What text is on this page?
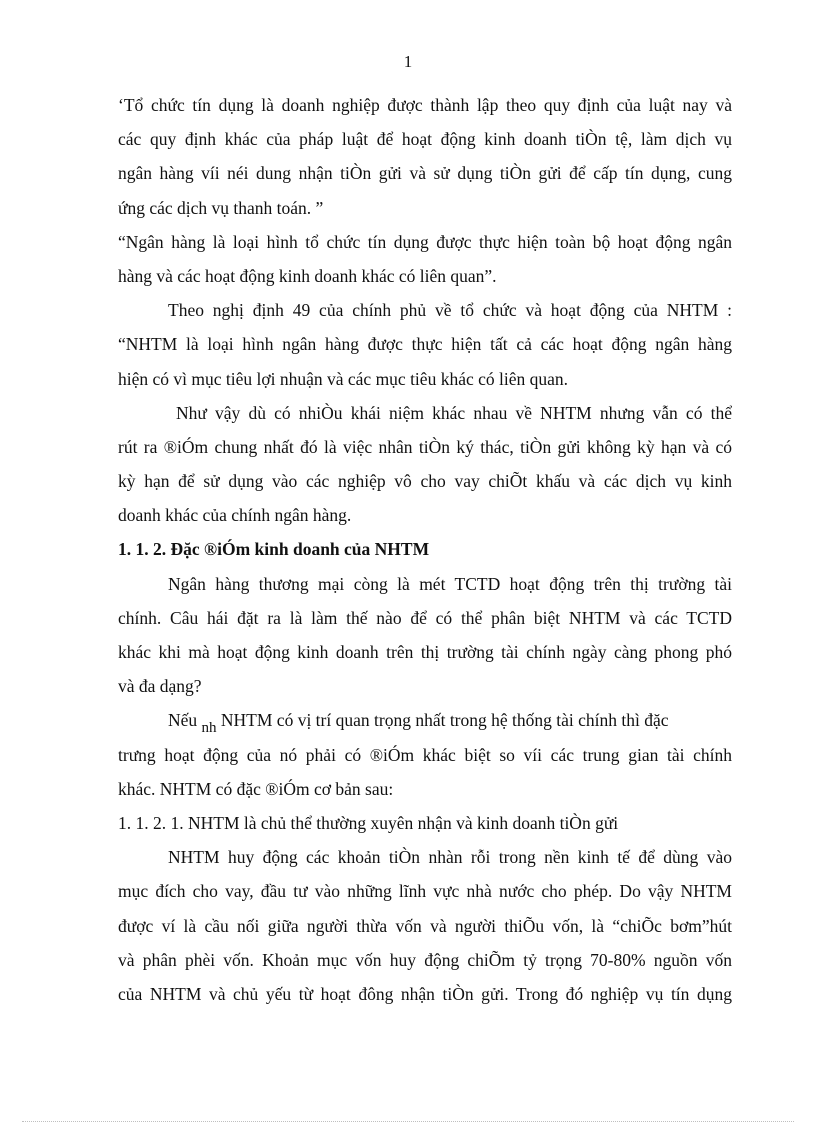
1
‘Tổ chức tín dụng là doanh nghiệp được thành lập theo quy định của luật nay và
các quy định khác của pháp luật để hoạt động kinh doanh tiÒn tệ, làm dịch vụ
ngân hàng víi néi dung nhận tiÒn gửi và sử dụng tiÒn gửi để cấp tín dụng, cung
ứng các dịch vụ thanh toán. ”
“Ngân hàng là loại hình tổ chức tín dụng được thực hiện toàn bộ hoạt động ngân
hàng và các hoạt động kinh doanh khác có liên quan”.
Theo nghị định 49 của chính phủ về tổ chức và hoạt động của NHTM :
“NHTM là loại hình ngân hàng được thực hiện tất cả các hoạt động ngân hàng
hiện có vì mục tiêu lợi nhuận và các mục tiêu khác có liên quan.
Như vậy dù có nhiÒu khái niệm khác nhau về NHTM nhưng vẫn có thể
rút ra ®iÓm chung nhất đó là việc nhân tiÒn ký thác, tiÒn gửi không kỳ hạn và có
kỳ hạn để sử dụng vào các nghiệp vô cho vay chiÕt khấu và các dịch vụ kinh
doanh khác của chính ngân hàng.
1. 1. 2. Đặc ®iÓm kinh doanh của NHTM
Ngân hàng thương mại còng là mét TCTD hoạt động trên thị trường tài
chính. Câu hái đặt ra là làm thế nào để có thể phân biệt NHTM và các TCTD
khác khi mà hoạt động kinh doanh trên thị trường tài chính ngày càng phong phó
và đa dạng?
Nếu nh NHTM có vị trí quan trọng nhất trong hệ thống tài chính thì đặc
trưng hoạt động của nó phải có ®iÓm khác biệt so víi các trung gian tài chính
khác. NHTM có đặc ®iÓm cơ bản sau:
1. 1. 2. 1. NHTM là chủ thể thường xuyên nhận và kinh doanh tiÒn gửi
NHTM huy động các khoản tiÒn nhàn rỗi trong nền kinh tế để dùng vào
mục đích cho vay, đầu tư vào những lĩnh vực nhà nước cho phép. Do vậy NHTM
được ví là cầu nối giữa người thừa vốn và người thiÕu vốn, là “chiÕc bơm”hút
và phân phèi vốn. Khoản mục vốn huy động chiÕm tỷ trọng 70-80% nguồn vốn
của NHTM và chủ yếu từ hoạt đông nhận tiÒn gửi. Trong đó nghiệp vụ tín dụng
